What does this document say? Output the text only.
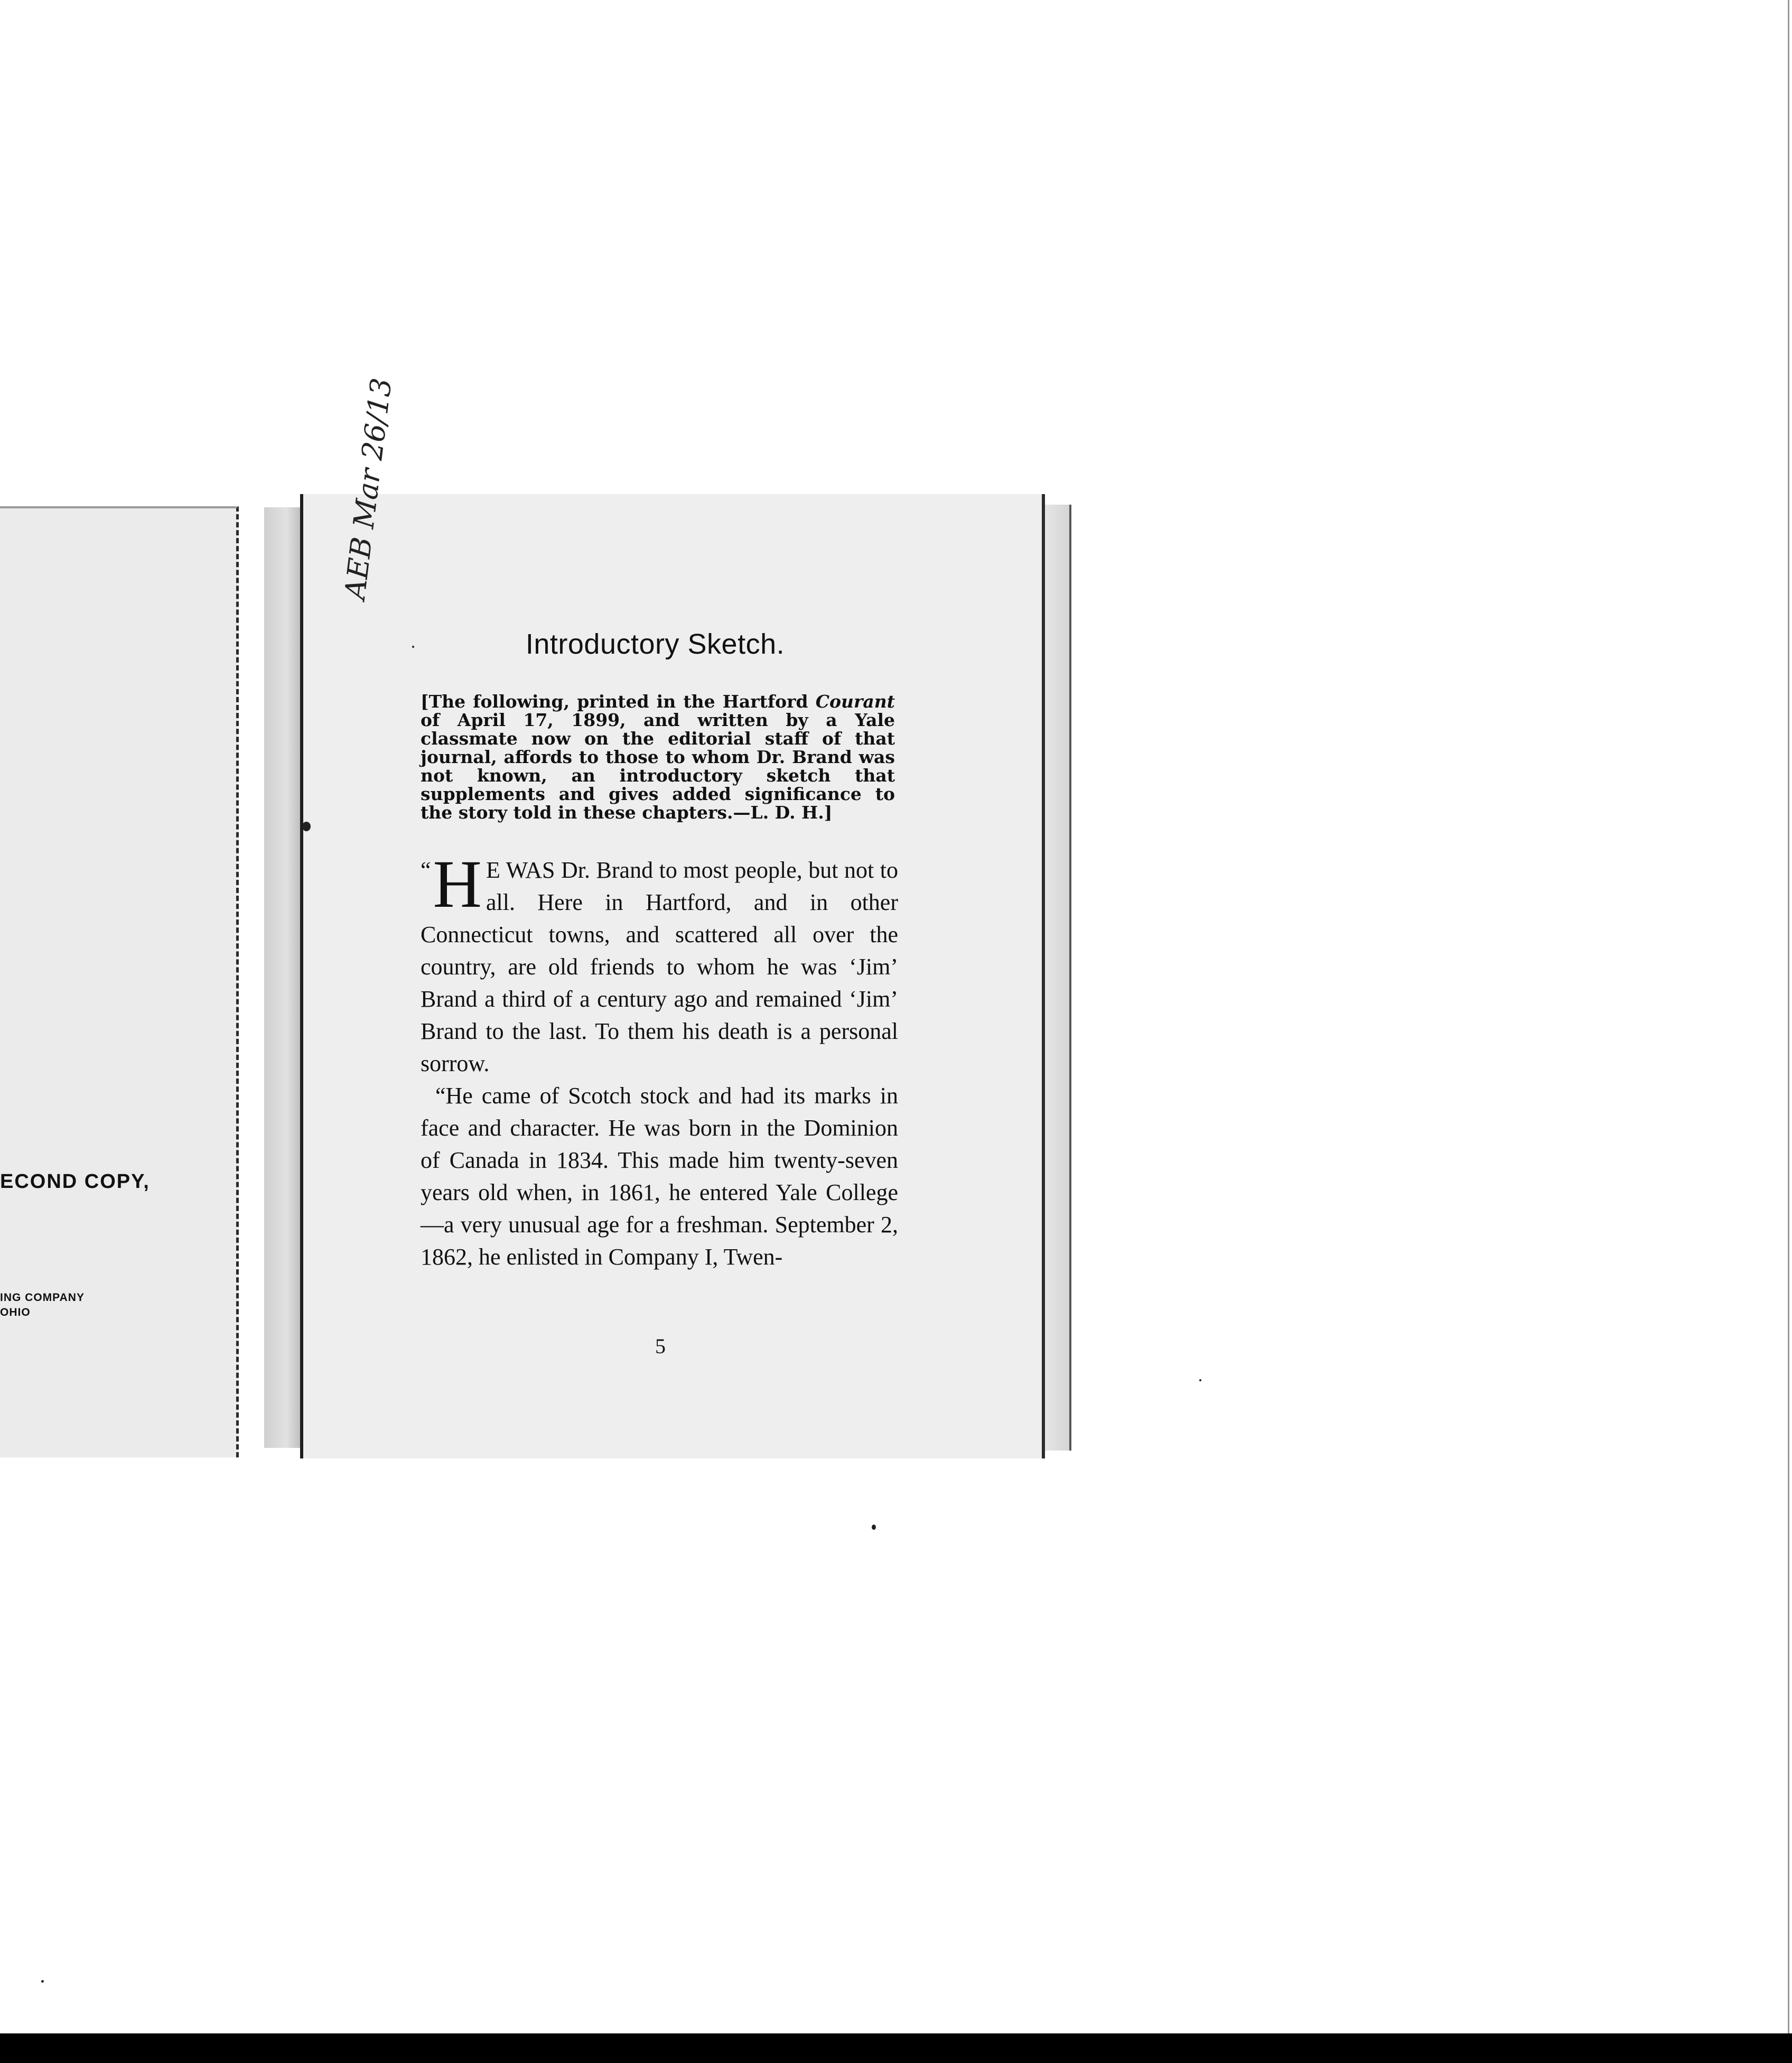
ECOND COPY,
ING COMPANY
OHIO
AEB Mar 26/13
Introductory Sketch.

[The following, printed in the Hartford Courant of April 17, 1899, and written by a Yale classmate now on the editorial staff of that journal, affords to those to whom Dr. Brand was not known, an introductory sketch that supplements and gives added significance to the story told in these chapters.—L. D. H.]

“ H E WAS Dr. Brand to most people, but not to all. Here in Hartford, and in other Connecticut towns, and scattered all over the country, are old friends to whom he was ‘Jim’ Brand a third of a century ago and remained ‘Jim’ Brand to the last. To them his death is a personal sorrow.

“He came of Scotch stock and had its marks in face and character. He was born in the Dominion of Canada in 1834. This made him twenty-seven years old when, in 1861, he entered Yale College—a very unusual age for a freshman. September 2, 1862, he enlisted in Company I, Twen-

5
